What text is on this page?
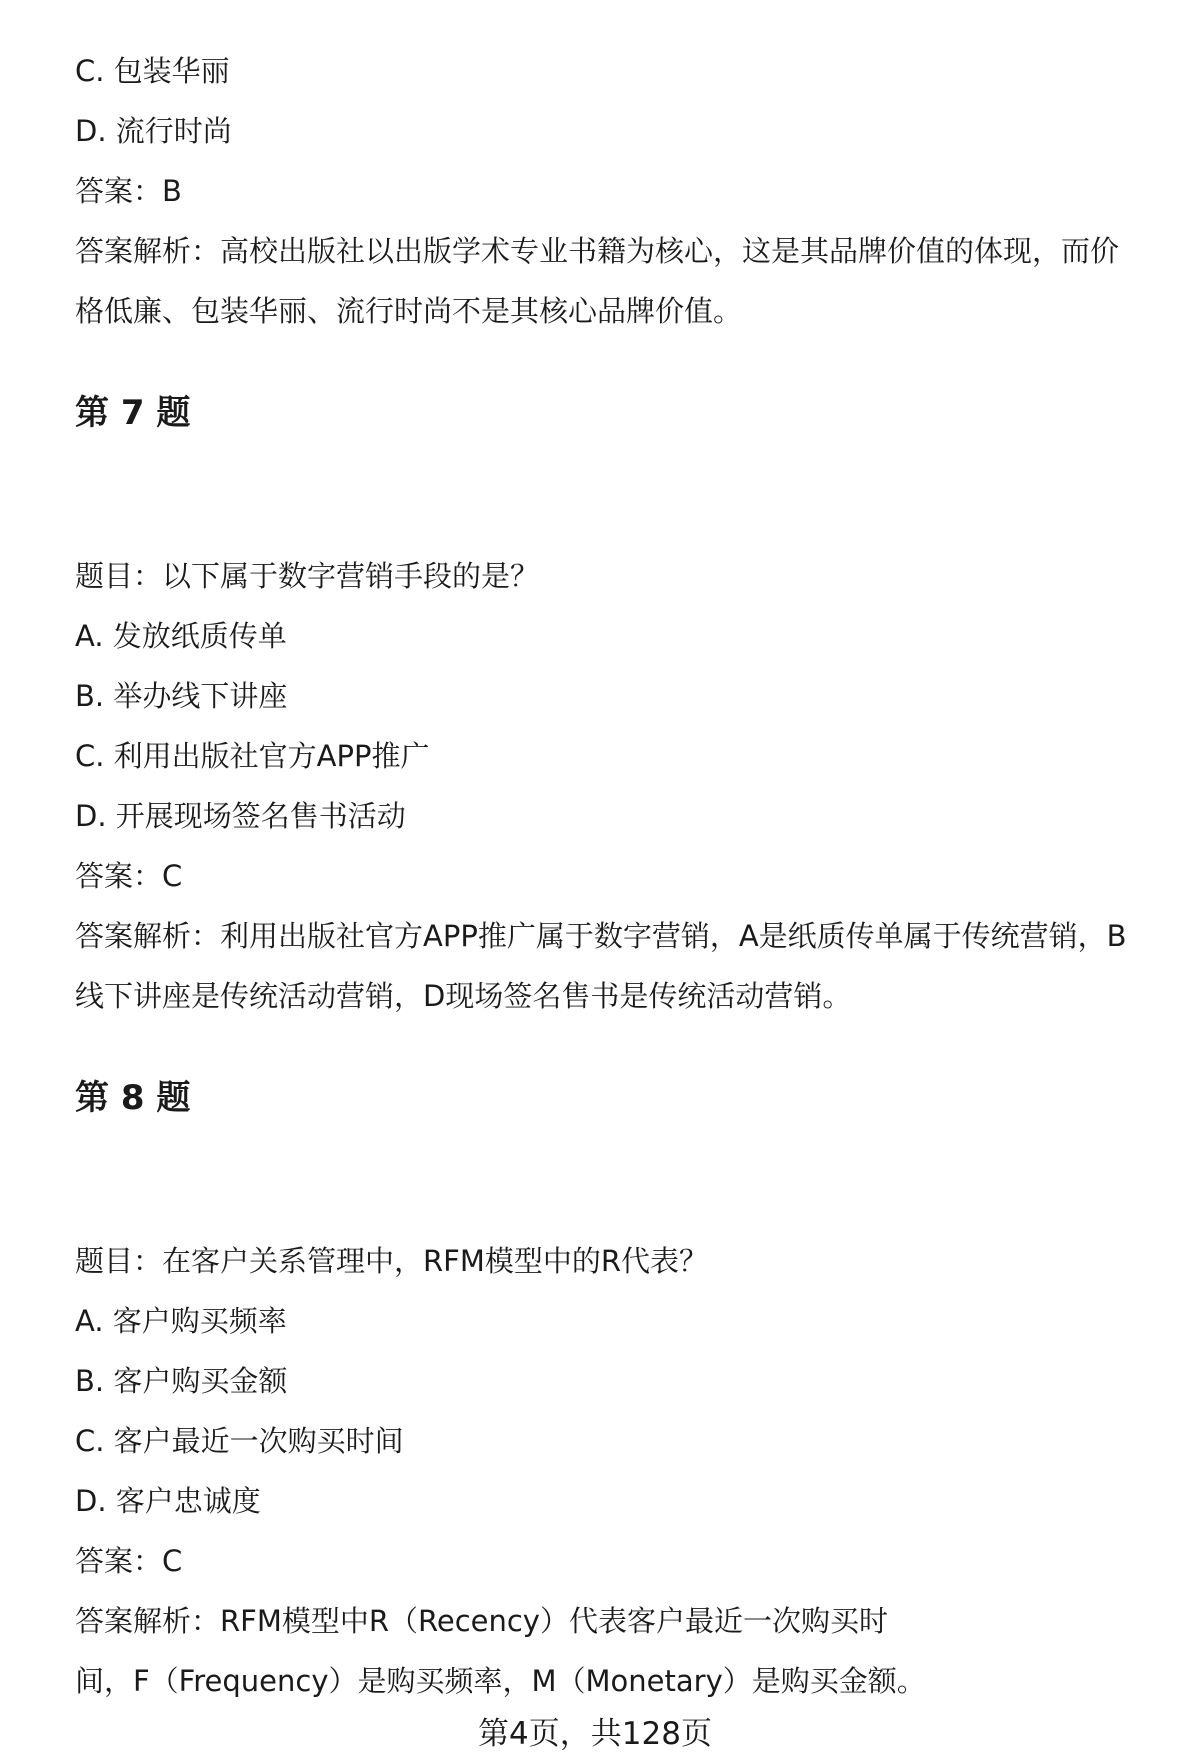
C. 包装华丽
D. 流行时尚
答案：B
答案解析：高校出版社以出版学术专业书籍为核心，这是其品牌价值的体现，而价
格低廉、包装华丽、流行时尚不是其核心品牌价值。
第 7 题
题目：以下属于数字营销手段的是？
A. 发放纸质传单
B. 举办线下讲座
C. 利用出版社官方APP推广
D. 开展现场签名售书活动
答案：C
答案解析：利用出版社官方APP推广属于数字营销，A是纸质传单属于传统营销，B
线下讲座是传统活动营销，D现场签名售书是传统活动营销。
第 8 题
题目：在客户关系管理中，RFM模型中的R代表？
A. 客户购买频率
B. 客户购买金额
C. 客户最近一次购买时间
D. 客户忠诚度
答案：C
答案解析：RFM模型中R（Recency）代表客户最近一次购买时
间，F（Frequency）是购买频率，M（Monetary）是购买金额。
第4页，共128页
